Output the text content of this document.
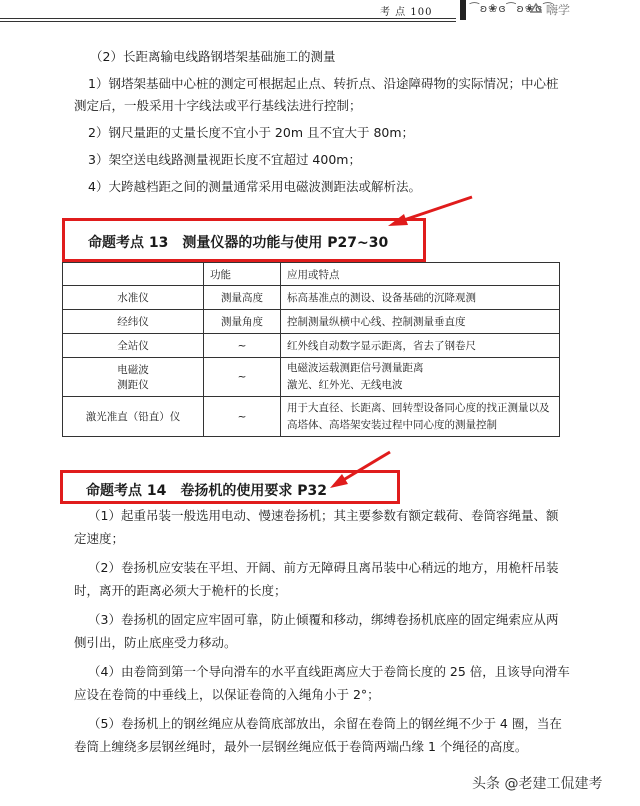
考 点 100	⁀ʚ❀ɞ⁀ʚ❀ɞ⁀
嗨学

（2）长距离输电线路钢塔架基础施工的测量

1）钢塔架基础中心桩的测定可根据起止点、转折点、沿途障碍物的实际情况；中心桩测定后，一般采用十字线法或平行基线法进行控制；

2）钢尺量距的丈量长度不宜小于 20m 且不宜大于 80m；

3）架空送电线路测量视距长度不宜超过 400m；

4）大跨越档距之间的测量通常采用电磁波测距法或解析法。

命题考点 13　测量仪器的功能与使用 P27~30
	功能	应用或特点
水准仪	测量高度	标高基准点的测设、设备基础的沉降观测
经纬仪	测量角度	控制测量纵横中心线、控制测量垂直度
全站仪	~	红外线自动数字显示距离，省去了钢卷尺
电磁波
测距仪	~	电磁波运载测距信号测量距离
激光、红外光、无线电波
激光准直（铅直）仪	~	用于大直径、长距离、回转型设备同心度的找正测量以及高塔体、高塔架安装过程中同心度的测量控制
命题考点 14　卷扬机的使用要求 P32

（1）起重吊装一般选用电动、慢速卷扬机；其主要参数有额定载荷、卷筒容绳量、额定速度；

（2）卷扬机应安装在平坦、开阔、前方无障碍且离吊装中心稍远的地方，用桅杆吊装时，离开的距离必须大于桅杆的长度；

（3）卷扬机的固定应牢固可靠，防止倾覆和移动，绑缚卷扬机底座的固定绳索应从两侧引出，防止底座受力移动。

（4）由卷筒到第一个导向滑车的水平直线距离应大于卷筒长度的 25 倍，且该导向滑车应设在卷筒的中垂线上，以保证卷筒的入绳角小于 2°；

（5）卷扬机上的钢丝绳应从卷筒底部放出，余留在卷筒上的钢丝绳不少于 4 圈，当在卷筒上缠绕多层钢丝绳时，最外一层钢丝绳应低于卷筒两端凸缘 1 个绳径的高度。

头条 @老建工侃建考
